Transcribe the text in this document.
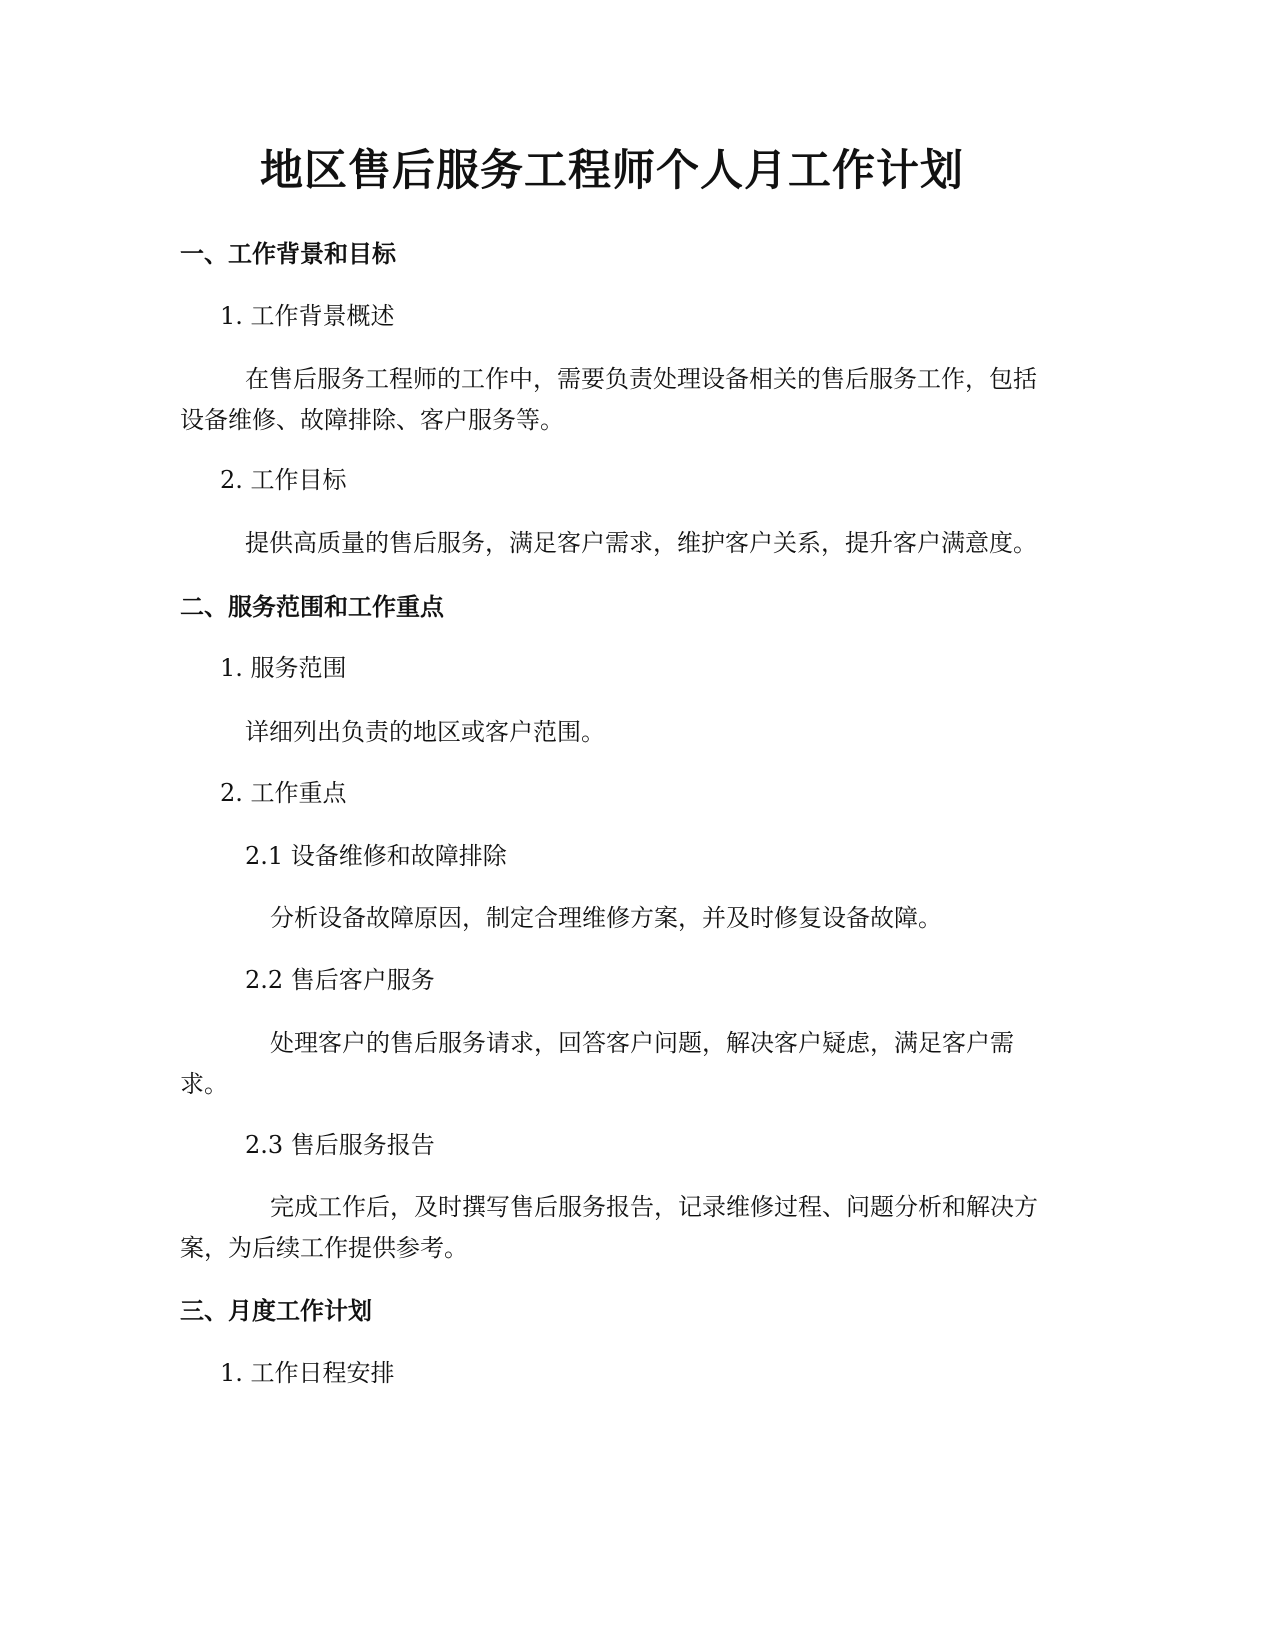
地区售后服务工程师个人月工作计划
一、工作背景和目标
1. 工作背景概述
在售后服务工程师的工作中，需要负责处理设备相关的售后服务工作，包括
设备维修、故障排除、客户服务等。
2. 工作目标
提供高质量的售后服务，满足客户需求，维护客户关系，提升客户满意度。
二、服务范围和工作重点
1. 服务范围
详细列出负责的地区或客户范围。
2. 工作重点
2.1 设备维修和故障排除
分析设备故障原因，制定合理维修方案，并及时修复设备故障。
2.2 售后客户服务
处理客户的售后服务请求，回答客户问题，解决客户疑虑，满足客户需
求。
2.3 售后服务报告
完成工作后，及时撰写售后服务报告，记录维修过程、问题分析和解决方
案，为后续工作提供参考。
三、月度工作计划
1. 工作日程安排
